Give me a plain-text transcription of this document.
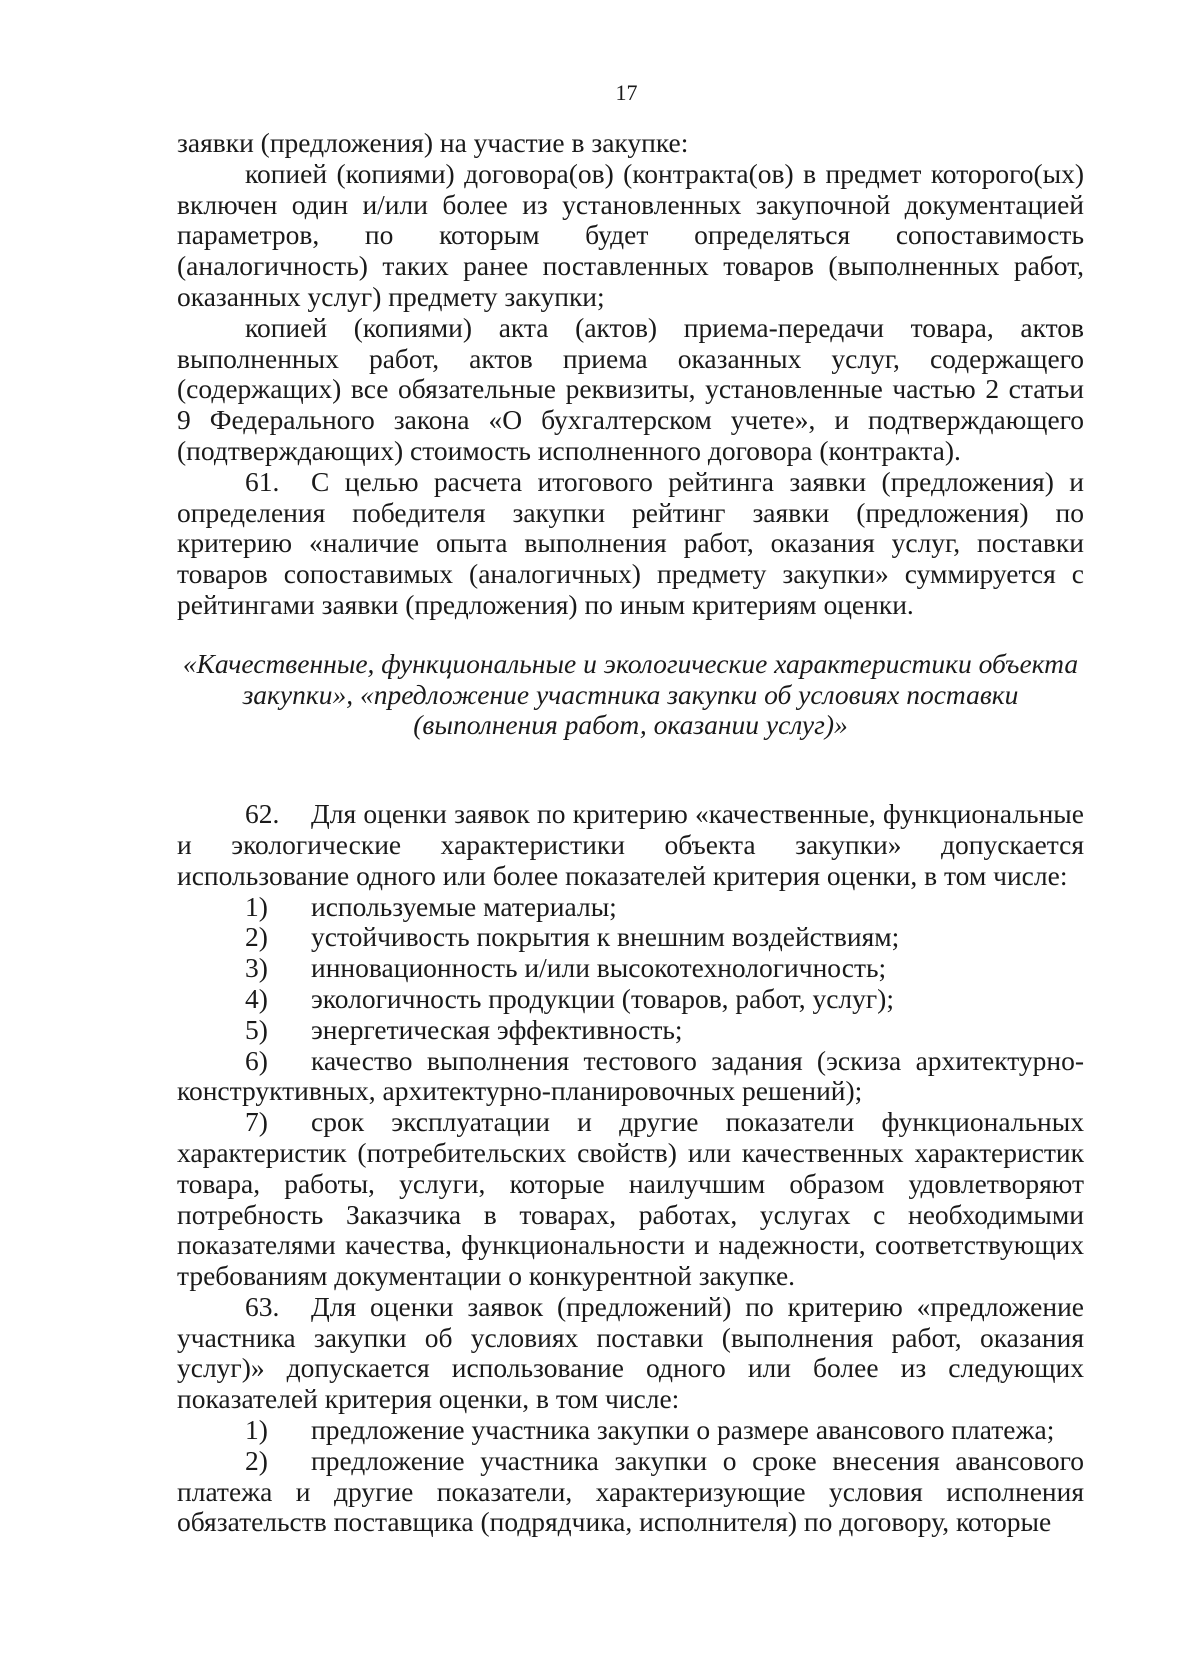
17

заявки (предложения) на участие в закупке:

копией (копиями) договора(ов) (контракта(ов) в предмет которого(ых) включен один и/или более из установленных закупочной документацией параметров, по которым будет определяться сопоставимость (аналогичность) таких ранее поставленных товаров (выполненных работ, оказанных услуг) предмету закупки;

копией (копиями) акта (актов) приема-передачи товара, актов выполненных работ, актов приема оказанных услуг, содержащего (содержащих) все обязательные реквизиты, установленные частью 2 статьи 9 Федерального закона «О бухгалтерском учете», и подтверждающего (подтверждающих) стоимость исполненного договора (контракта).

61. С целью расчета итогового рейтинга заявки (предложения) и определения победителя закупки рейтинг заявки (предложения) по критерию «наличие опыта выполнения работ, оказания услуг, поставки товаров сопоставимых (аналогичных) предмету закупки» суммируется с рейтингами заявки (предложения) по иным критериям оценки.

«Качественные, функциональные и экологические характеристики объекта
закупки», «предложение участника закупки об условиях поставки
(выполнения работ, оказании услуг)»

62. Для оценки заявок по критерию «качественные, функциональные и экологические характеристики объекта закупки» допускается использование одного или более показателей критерия оценки, в том числе:

1) используемые материалы;

2) устойчивость покрытия к внешним воздействиям;

3) инновационность и/или высокотехнологичность;

4) экологичность продукции (товаров, работ, услуг);

5) энергетическая эффективность;

6) качество выполнения тестового задания (эскиза архитектурно-конструктивных, архитектурно-планировочных решений);

7) срок эксплуатации и другие показатели функциональных характеристик (потребительских свойств) или качественных характеристик товара, работы, услуги, которые наилучшим образом удовлетворяют потребность Заказчика в товарах, работах, услугах с необходимыми показателями качества, функциональности и надежности, соответствующих требованиям документации о конкурентной закупке.

63. Для оценки заявок (предложений) по критерию «предложение участника закупки об условиях поставки (выполнения работ, оказания услуг)» допускается использование одного или более из следующих показателей критерия оценки, в том числе:

1) предложение участника закупки о размере авансового платежа;

2) предложение участника закупки о сроке внесения авансового платежа и другие показатели, характеризующие условия исполнения обязательств поставщика (подрядчика, исполнителя) по договору, которые
